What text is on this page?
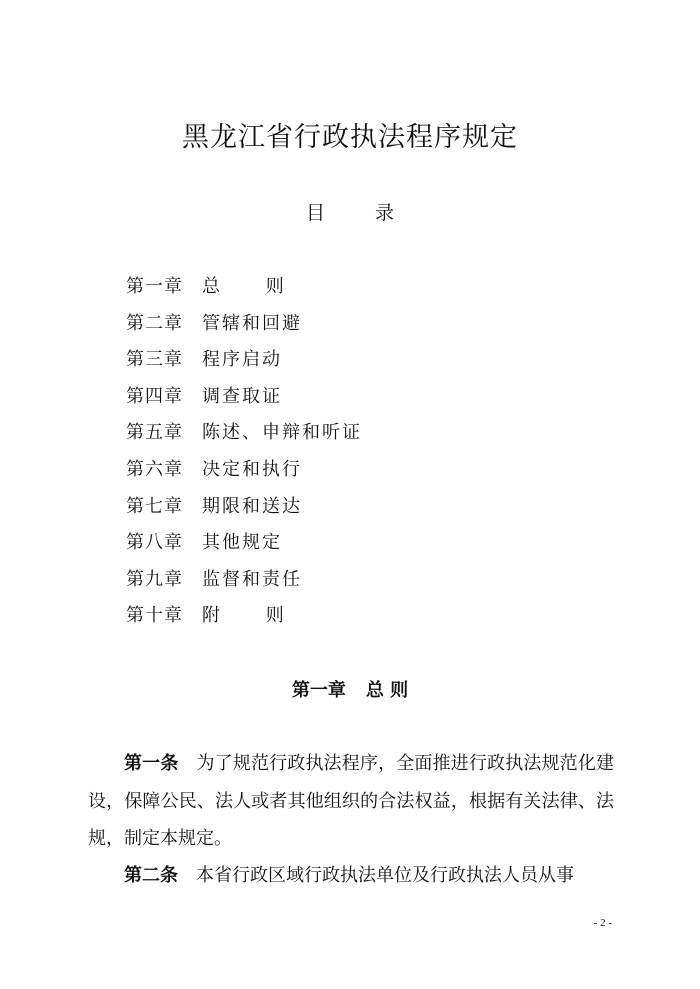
黑龙江省行政执法程序规定
目 录
第一章 总 则
第二章 管辖和回避
第三章 程序启动
第四章 调查取证
第五章 陈述、申辩和听证
第六章 决定和执行
第七章 期限和送达
第八章 其他规定
第九章 监督和责任
第十章 附 则
第一章 总 则

第一条 为了规范行政执法程序，全面推进行政执法规范化建设，保障公民、法人或者其他组织的合法权益，根据有关法律、法规，制定本规定。

第二条 本省行政区域行政执法单位及行政执法人员从事

- 2 -
